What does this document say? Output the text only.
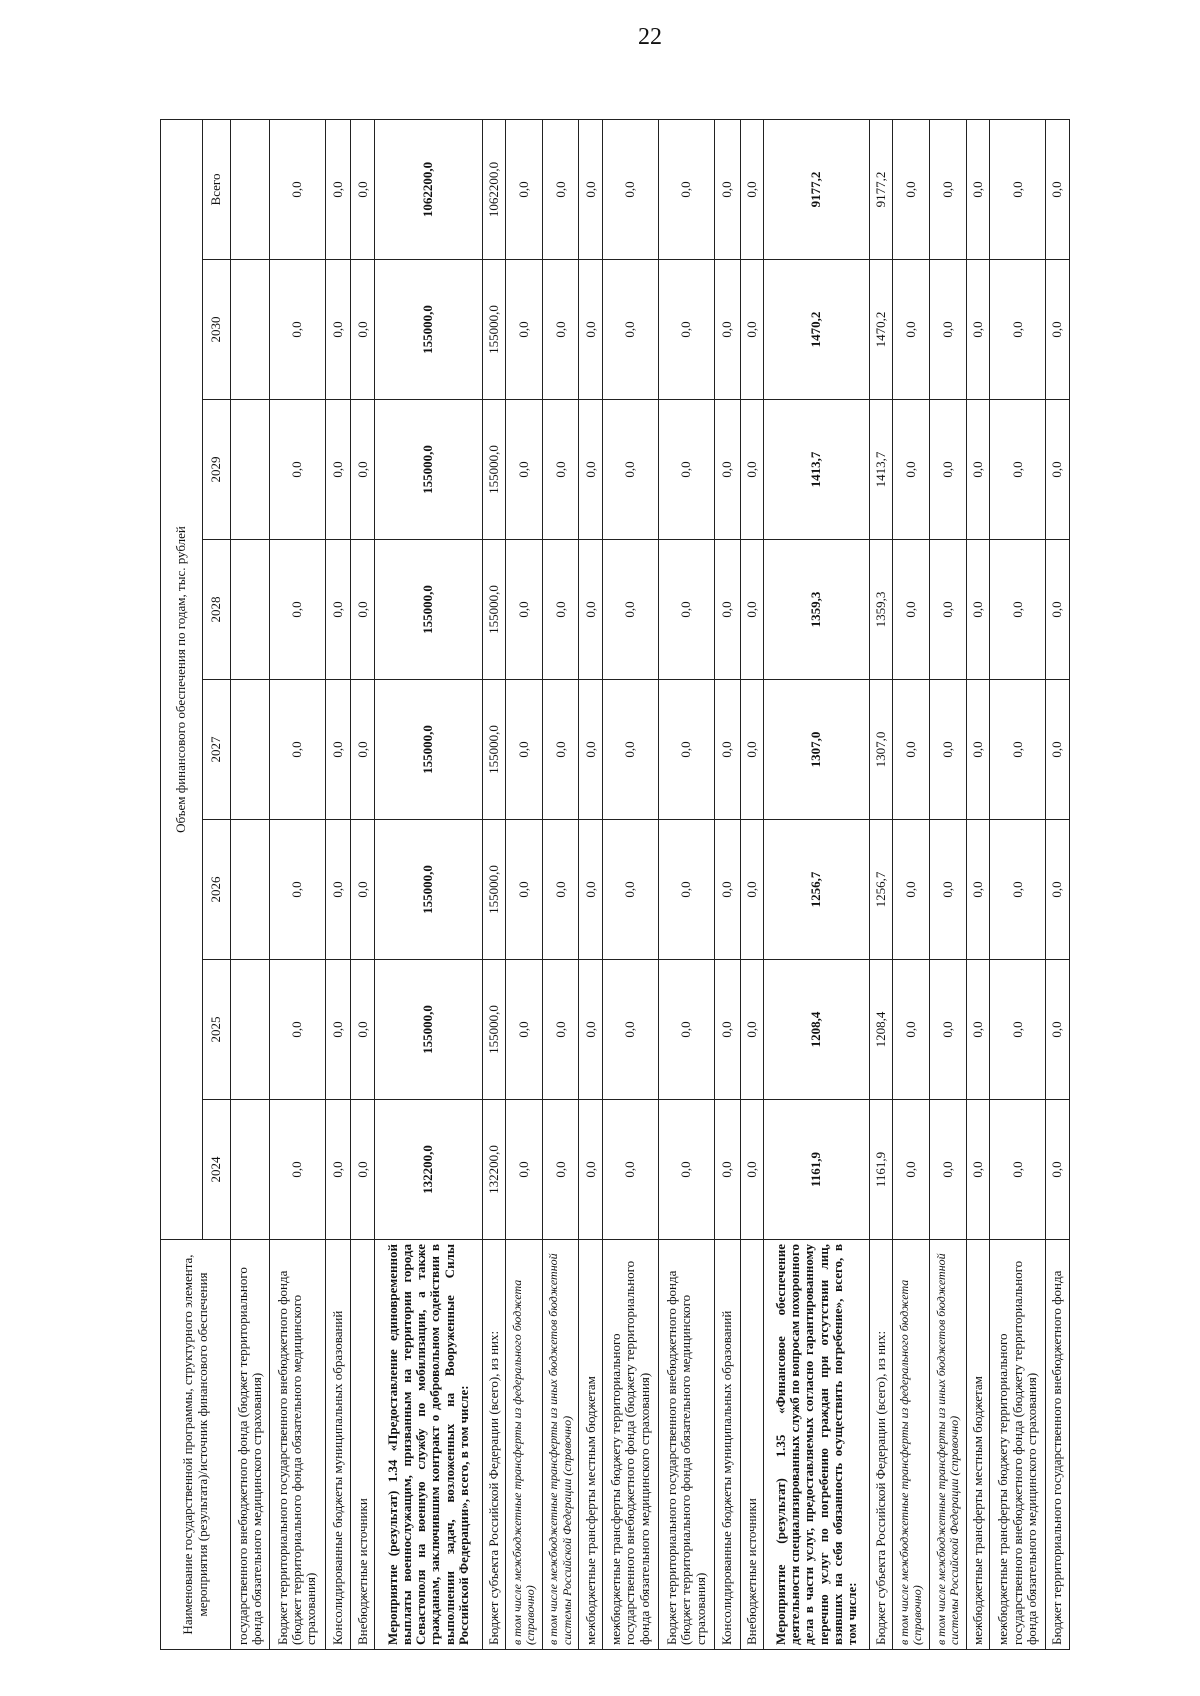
22
Наименование государственной программы, структурного элемента, мероприятия (результата)/источник финансового обеспечения	Объем финансового обеспечения по годам, тыс. рублей							
	2024	2025	2026	2027	2028	2029	2030	Всего
государственного внебюджетного фонда (бюджет территориального фонда обязательного медицинского страхования)								
Бюджет территориального государственного внебюджетного фонда (бюджет территориального фонда обязательного медицинского страхования)	0,0	0,0	0,0	0,0	0,0	0,0	0,0	0,0
Консолидированные бюджеты муниципальных образований	0,0	0,0	0,0	0,0	0,0	0,0	0,0	0,0
Внебюджетные источники	0,0	0,0	0,0	0,0	0,0	0,0	0,0	0,0
Мероприятие (результат) 1.34 «Предоставление единовременной выплаты военнослужащим, призванным на территории города Севастополя на военную службу по мобилизации, а также гражданам, заключившим контракт о добровольном содействии в выполнении задач, возложенных на Вооруженные Силы Российской Федерации», всего, в том числе:	132200,0	155000,0	155000,0	155000,0	155000,0	155000,0	155000,0	1062200,0
Бюджет субъекта Российской Федерации (всего), из них:	132200,0	155000,0	155000,0	155000,0	155000,0	155000,0	155000,0	1062200,0
в том числе межбюджетные трансферты из федерального бюджета (справочно)	0,0	0,0	0,0	0,0	0,0	0,0	0,0	0,0
в том числе межбюджетные трансферты из иных бюджетов бюджетной системы Российской Федерации (справочно)	0,0	0,0	0,0	0,0	0,0	0,0	0,0	0,0
межбюджетные трансферты местным бюджетам	0,0	0,0	0,0	0,0	0,0	0,0	0,0	0,0
межбюджетные трансферты бюджету территориального государственного внебюджетного фонда (бюджету территориального фонда обязательного медицинского страхования)	0,0	0,0	0,0	0,0	0,0	0,0	0,0	0,0
Бюджет территориального государственного внебюджетного фонда (бюджет территориального фонда обязательного медицинского страхования)	0,0	0,0	0,0	0,0	0,0	0,0	0,0	0,0
Консолидированные бюджеты муниципальных образований	0,0	0,0	0,0	0,0	0,0	0,0	0,0	0,0
Внебюджетные источники	0,0	0,0	0,0	0,0	0,0	0,0	0,0	0,0
Мероприятие (результат) 1.35 «Финансовое обеспечение деятельности специализированных служб по вопросам похоронного дела в части услуг, предоставляемых согласно гарантированному перечню услуг по погребению граждан при отсутствии лиц, взявших на себя обязанность осуществить погребение», всего, в том числе:	1161,9	1208,4	1256,7	1307,0	1359,3	1413,7	1470,2	9177,2
Бюджет субъекта Российской Федерации (всего), из них:	1161,9	1208,4	1256,7	1307,0	1359,3	1413,7	1470,2	9177,2
в том числе межбюджетные трансферты из федерального бюджета (справочно)	0,0	0,0	0,0	0,0	0,0	0,0	0,0	0,0
в том числе межбюджетные трансферты из иных бюджетов бюджетной системы Российской Федерации (справочно)	0,0	0,0	0,0	0,0	0,0	0,0	0,0	0,0
межбюджетные трансферты местным бюджетам	0,0	0,0	0,0	0,0	0,0	0,0	0,0	0,0
межбюджетные трансферты бюджету территориального государственного внебюджетного фонда (бюджету территориального фонда обязательного медицинского страхования)	0,0	0,0	0,0	0,0	0,0	0,0	0,0	0,0
Бюджет территориального государственного внебюджетного фонда	0,0	0,0	0,0	0,0	0,0	0,0	0,0	0,0
